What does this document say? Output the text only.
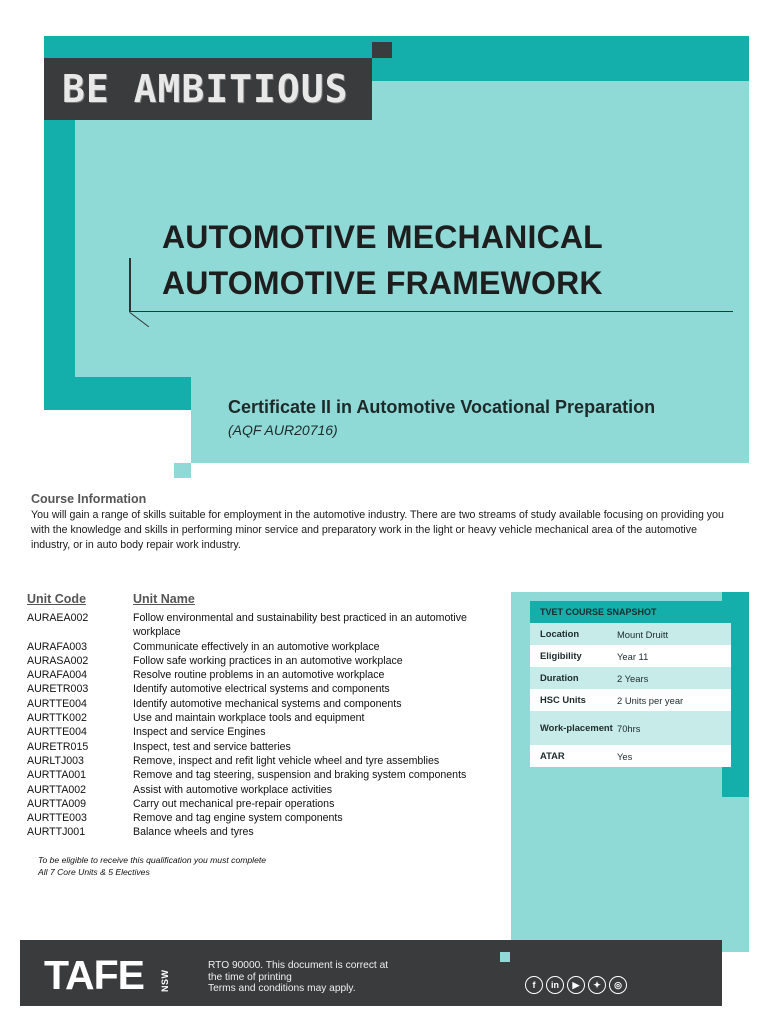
BE AMBITIOUS
AUTOMOTIVE MECHANICAL
AUTOMOTIVE FRAMEWORK
Certificate II in Automotive Vocational Preparation
(AQF AUR20716)
Course Information
You will gain a range of skills suitable for employment in the automotive industry. There are two streams of study available focusing on providing you with the knowledge and skills in performing minor service and preparatory work in the light or heavy vehicle mechanical area of the automotive industry, or in auto body repair work industry.
Unit Code	Unit Name
AURAEA002	Follow environmental and sustainability best practiced in an automotive workplace
AURAFA003	Communicate effectively in an automotive workplace
AURASA002	Follow safe working practices in an automotive workplace
AURAFA004	Resolve routine problems in an automotive workplace
AURETR003	Identify automotive electrical systems and components
AURTTE004	Identify automotive mechanical systems and components
AURTTK002	Use and maintain workplace tools and equipment
AURTTE004	Inspect and service Engines
AURETR015	Inspect, test and service batteries
AURLTJ003	Remove, inspect and refit light vehicle wheel and tyre assemblies
AURTTA001	Remove and tag steering, suspension and braking system components
AURTTA002	Assist with automotive workplace activities
AURTTA009	Carry out mechanical pre-repair operations
AURTTE003	Remove and tag engine system components
AURTTJ001	Balance wheels and tyres
To be eligible to receive this qualification you must complete
All 7 Core Units & 5 Electives
TVET COURSE SNAPSHOT
Location	Mount Druitt
Eligibility	Year 11
Duration	2 Years
HSC Units	2 Units per year
Work-placement 70hrs
ATAR	Yes
TAFE NSW
RTO 90000. This document is correct at
the time of printing
Terms and conditions may apply.	f	in	▶	✦	◎
